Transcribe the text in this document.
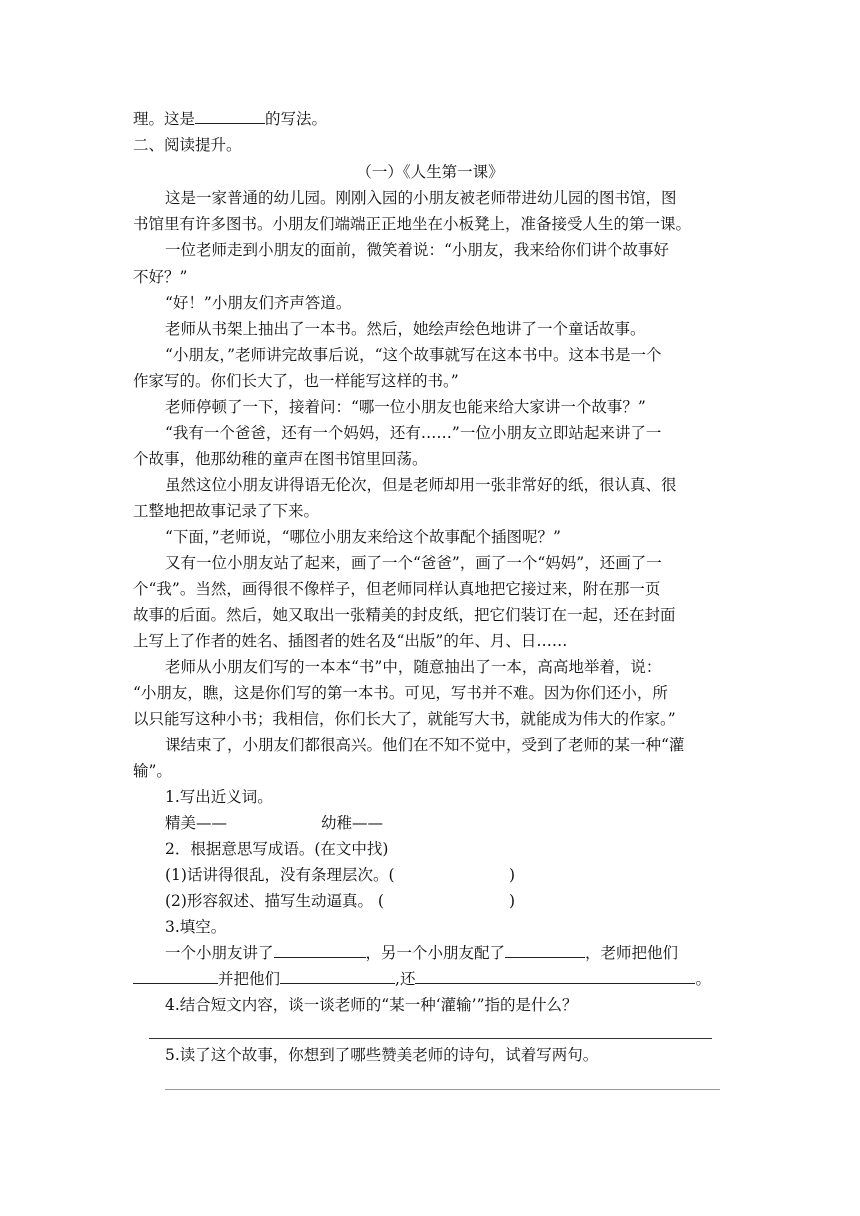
理。这是	的写法。
二、阅读提升。
（一）《人生第一课》
这是一家普通的幼儿园。刚刚入园的小朋友被老师带进幼儿园的图书馆，图
书馆里有许多图书。小朋友们端端正正地坐在小板凳上，准备接受人生的第一课。
一位老师走到小朋友的面前，微笑着说：“小朋友，我来给你们讲个故事好
不好？”
“好！”小朋友们齐声答道。
老师从书架上抽出了一本书。然后，她绘声绘色地讲了一个童话故事。
“小朋友，”老师讲完故事后说，“这个故事就写在这本书中。这本书是一个
作家写的。你们长大了，也一样能写这样的书。”
老师停顿了一下，接着问：“哪一位小朋友也能来给大家讲一个故事？”
“我有一个爸爸，还有一个妈妈，还有……”一位小朋友立即站起来讲了一
个故事，他那幼稚的童声在图书馆里回荡。
虽然这位小朋友讲得语无伦次，但是老师却用一张非常好的纸，很认真、很
工整地把故事记录了下来。
“下面，”老师说，“哪位小朋友来给这个故事配个插图呢？”
又有一位小朋友站了起来，画了一个“爸爸”，画了一个“妈妈”，还画了一
个“我”。当然，画得很不像样子，但老师同样认真地把它接过来，附在那一页
故事的后面。然后，她又取出一张精美的封皮纸，把它们装订在一起，还在封面
上写上了作者的姓名、插图者的姓名及“出版”的年、月、日……
老师从小朋友们写的一本本“书”中，随意抽出了一本，高高地举着，说：
“小朋友，瞧，这是你们写的第一本书。可见，写书并不难。因为你们还小，所
以只能写这种小书；我相信，你们长大了，就能写大书，就能成为伟大的作家。”
课结束了，小朋友们都很高兴。他们在不知不觉中，受到了老师的某一种“灌
输”。
1.写出近义词。
精美——	幼稚——
2．根据意思写成语。(在文中找)
(1)话讲得很乱，没有条理层次。(	)
(2)形容叙述、描写生动逼真。 (	)
3.填空。
一个小朋友讲了	，另一个小朋友配了	，老师把他们
并把他们	,还	。
4.结合短文内容，谈一谈老师的“某一种‘灌输’”指的是什么？
5.读了这个故事，你想到了哪些赞美老师的诗句，试着写两句。
